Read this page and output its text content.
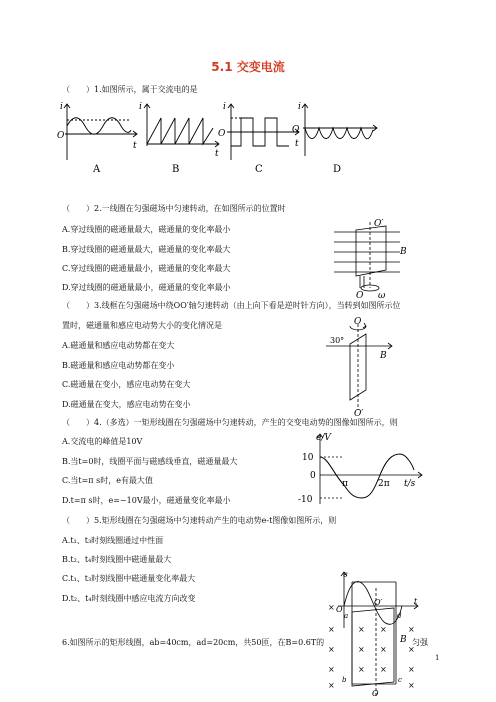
5.1 交变电流
（　　）1.如图所示，属于交流电的是
i
O
t
i
t
i
O
t
i
O
A	B	C	D
（　　）2.一线圈在匀强磁场中匀速转动，在如图所示的位置时
A.穿过线圈的磁通量最大，磁通量的变化率最小
B.穿过线圈的磁通量最大，磁通量的变化率最大
C.穿过线圈的磁通量最小，磁通量的变化率最大
D.穿过线圈的磁通量最小，磁通量的变化率最小
O′
B
O ω
（　　）3.线框在匀强磁场中绕OO′轴匀速转动（由上向下看是逆时针方向），当转到如图所示位
置时，磁通量和感应电动势大小的变化情况是
A.磁通量和感应电动势都在变大
B.磁通量和感应电动势都在变小
C.磁通量在变小，感应电动势在变大
D.磁通量在变大，感应电动势在变小
O
30°
B
O′
（　　）4.（多选）一矩形线圈在匀强磁场中匀速转动，产生的交变电动势的图像如图所示，则
A.交流电的峰值是10V
B.当t=0时，线圈平面与磁感线垂直，磁通量最大
C.当t=π s时，e有最大值
D.t=π s时，e=−10V最小，磁通量变化率最小
e/V
10
0
-10
π	2π t/s
（　　）5.矩形线圈在匀强磁场中匀速转动产生的电动势e-t图像如图所示，则
A.t₁、t₃时刻线圈通过中性面
B.t₂、t₄时刻线圈中磁通量最大
C.t₁、t₃时刻线圈中磁通量变化率最大
D.t₂、t₄时刻线圈中感应电流方向改变
e
t
O
O′
a	d
B
b	c
O
×
×
×
×
×
×
×
×
×
×
×
×
×
×
×
6.如图所示的矩形线圈，ab=40cm，ad=20cm，共50匝，在B=0.6T的	匀强
1
